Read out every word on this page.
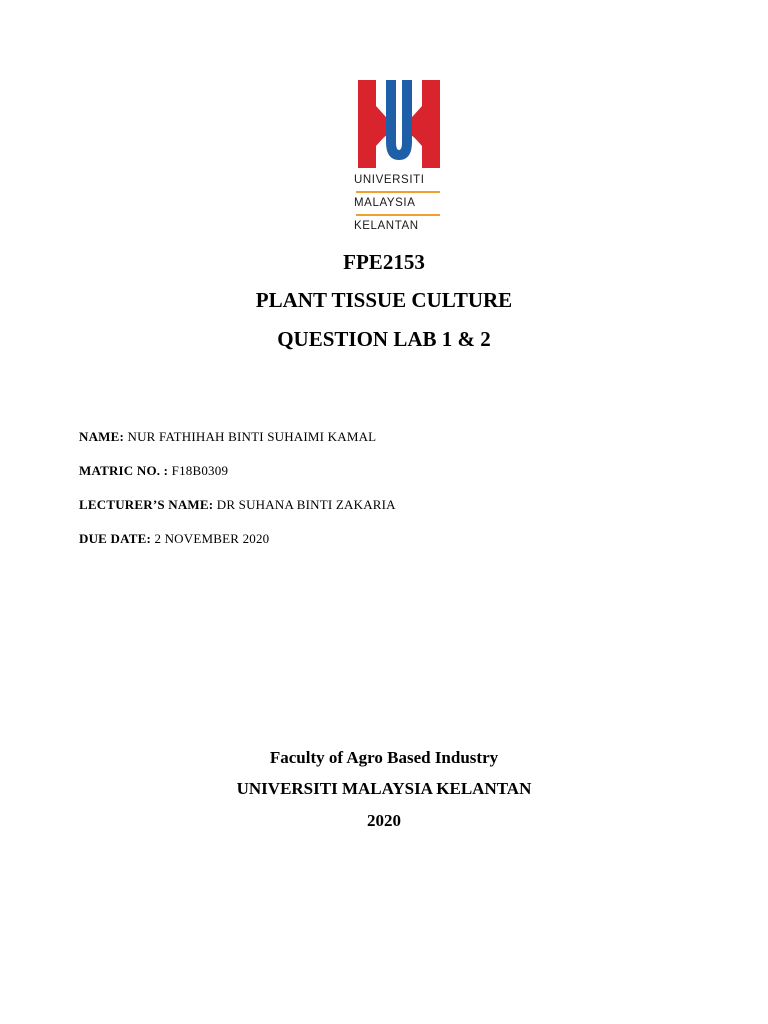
UNIVERSITI
MALAYSIA
KELANTAN
FPE2153
PLANT TISSUE CULTURE
QUESTION LAB 1 & 2
NAME: NUR FATHIHAH BINTI SUHAIMI KAMAL
MATRIC NO. : F18B0309
LECTURER’S NAME: DR SUHANA BINTI ZAKARIA
DUE DATE: 2 NOVEMBER 2020
Faculty of Agro Based Industry
UNIVERSITI MALAYSIA KELANTAN
2020
